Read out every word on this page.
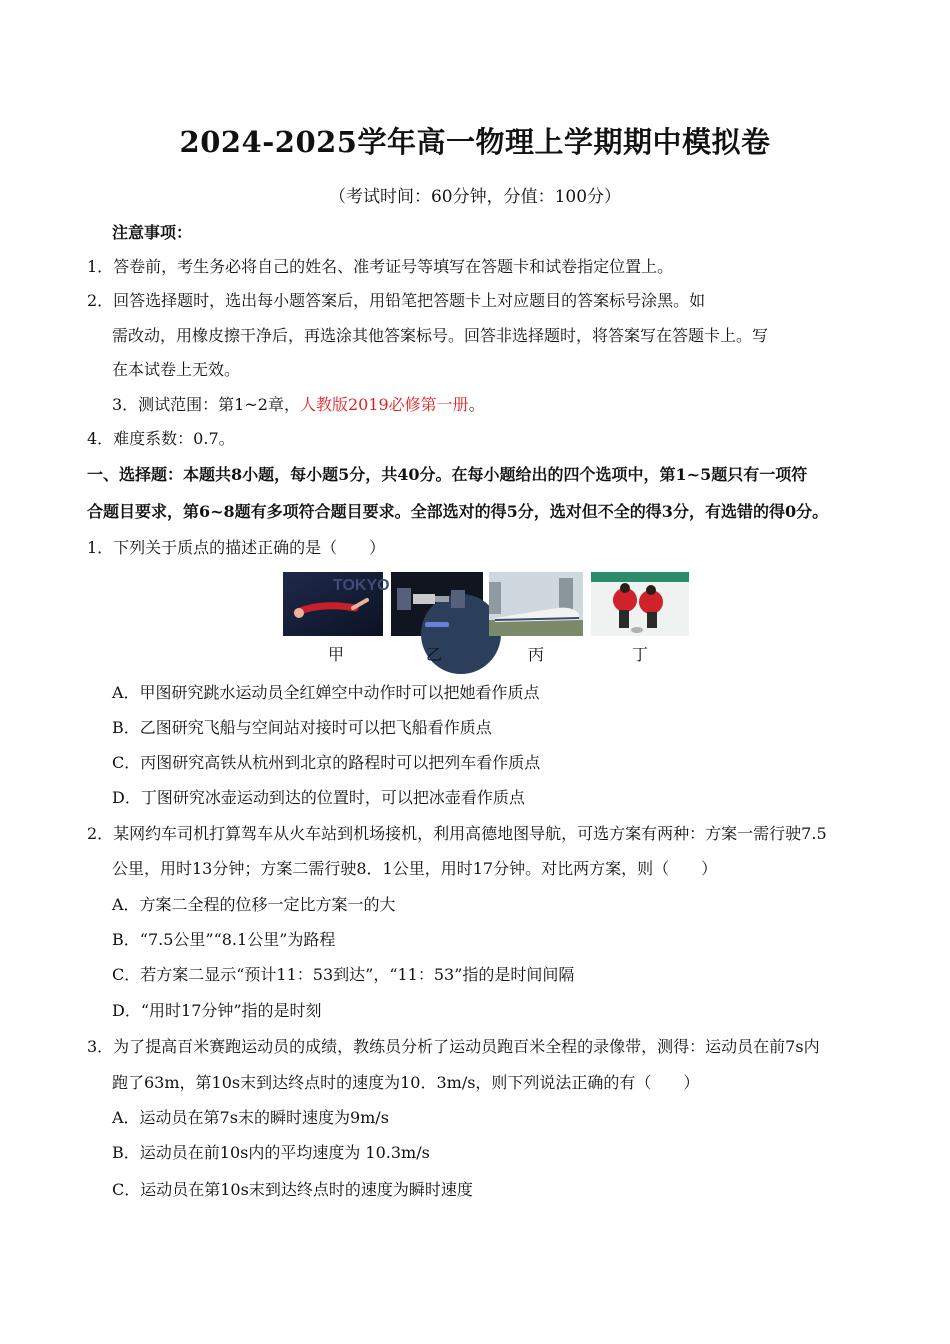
2024-2025学年高一物理上学期期中模拟卷
（考试时间：60分钟，分值：100分）
注意事项：
1．答卷前，考生务必将自己的姓名、准考证号等填写在答题卡和试卷指定位置上。
2．回答选择题时，选出每小题答案后，用铅笔把答题卡上对应题目的答案标号涂黑。如
需改动，用橡皮擦干净后，再选涂其他答案标号。回答非选择题时，将答案写在答题卡上。写
在本试卷上无效。
3．测试范围：第1~2章，人教版2019必修第一册。
4．难度系数：0.7。
一、选择题：本题共8小题，每小题5分，共40分。在每小题给出的四个选项中，第1~5题只有一项符
合题目要求，第6~8题有多项符合题目要求。全部选对的得5分，选对但不全的得3分，有选错的得0分。
1．下列关于质点的描述正确的是（　　）
TOKYO
甲	乙	丙	丁
A．甲图研究跳水运动员全红婵空中动作时可以把她看作质点
B．乙图研究飞船与空间站对接时可以把飞船看作质点
C．丙图研究高铁从杭州到北京的路程时可以把列车看作质点
D．丁图研究冰壶运动到达的位置时，可以把冰壶看作质点
2．某网约车司机打算驾车从火车站到机场接机，利用高德地图导航，可选方案有两种：方案一需行驶7.5
公里，用时13分钟；方案二需行驶8．1公里，用时17分钟。对比两方案，则（　　）
A．方案二全程的位移一定比方案一的大
B．“7.5公里”“8.1公里”为路程
C．若方案二显示“预计11：53到达”，“11：53”指的是时间间隔
D．“用时17分钟”指的是时刻
3．为了提高百米赛跑运动员的成绩，教练员分析了运动员跑百米全程的录像带，测得：运动员在前7s内
跑了63m，第10s末到达终点时的速度为10．3m/s，则下列说法正确的有（　　）
A．运动员在第7s末的瞬时速度为9m/s
B．运动员在前10s内的平均速度为 10.3m/s
C．运动员在第10s末到达终点时的速度为瞬时速度
